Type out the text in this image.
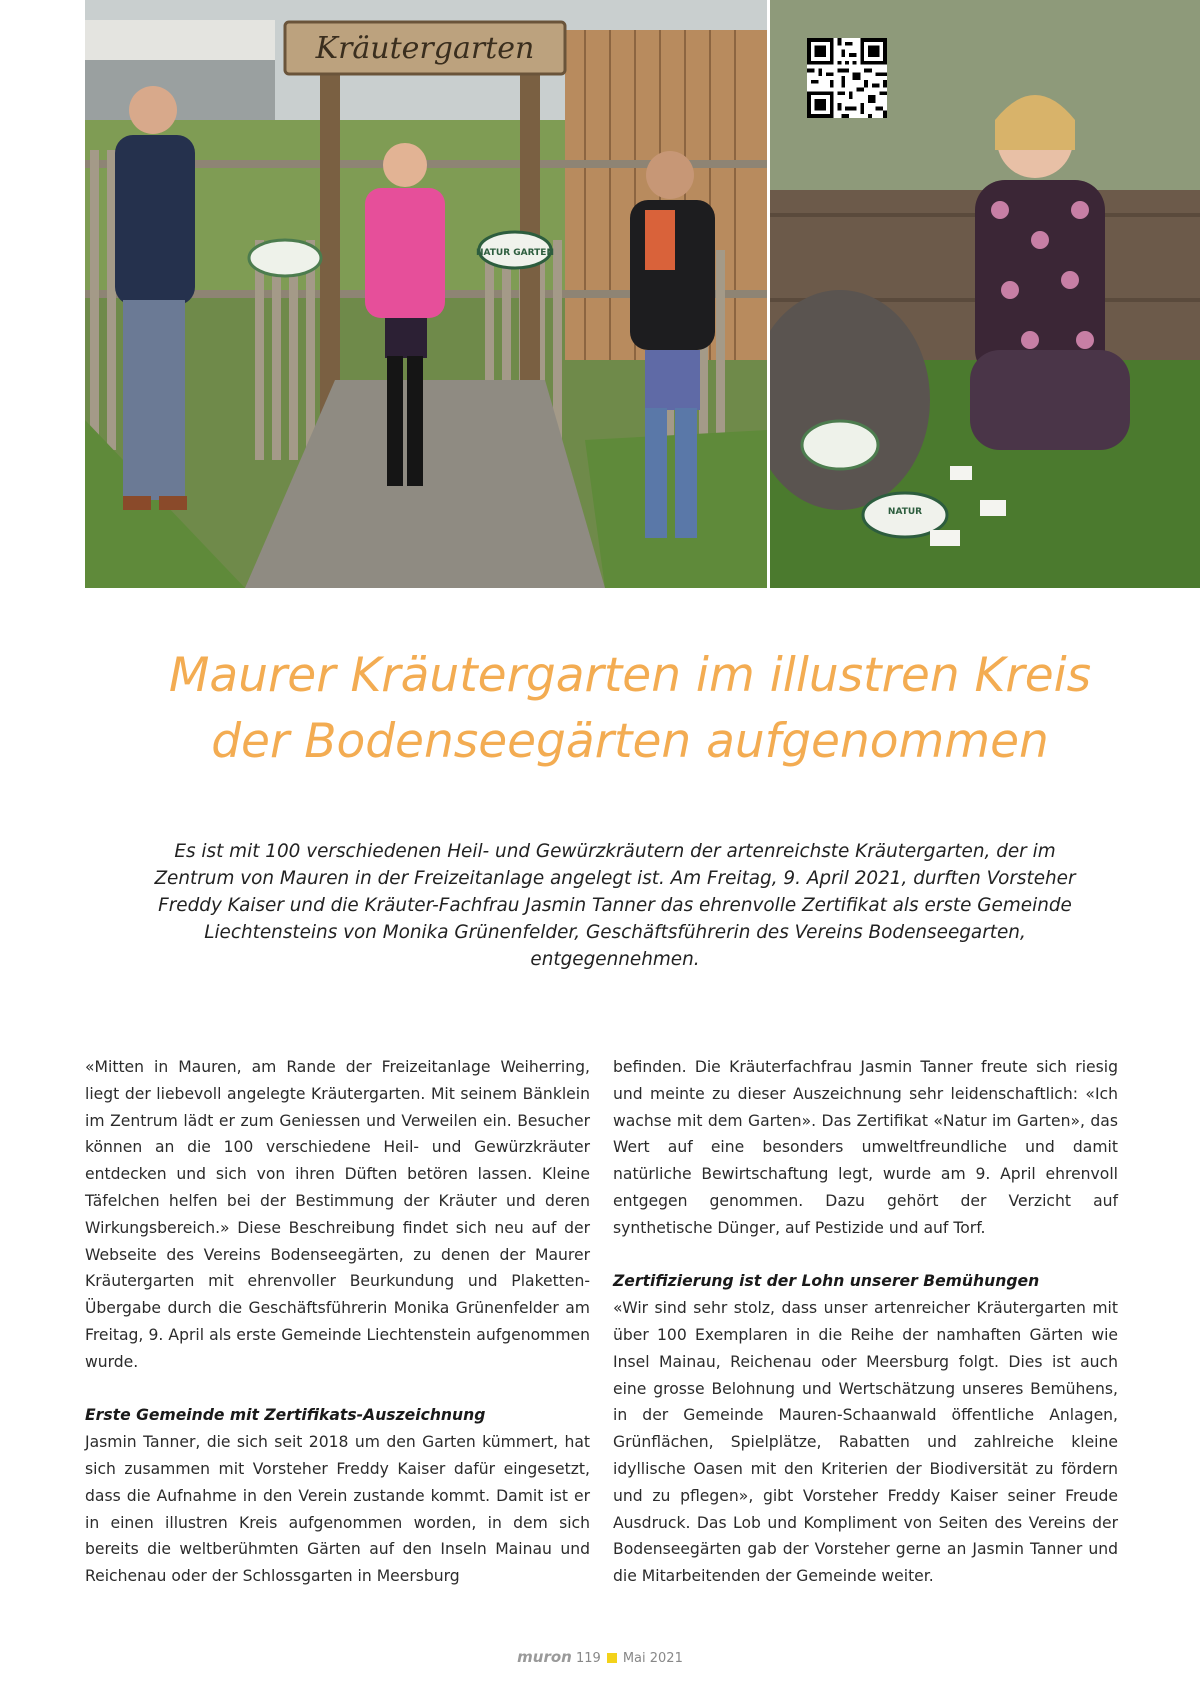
Kräutergarten
NATUR GARTEN
NATUR
Maurer Kräutergarten im illustren Kreis
der Bodenseegärten aufgenommen

Es ist mit 100 verschiedenen Heil- und Gewürzkräutern der artenreichste Kräutergarten, der im Zentrum von Mauren in der Freizeitanlage angelegt ist. Am Freitag, 9. April 2021, durften Vorsteher Freddy Kaiser und die Kräuter-Fachfrau Jasmin Tanner das ehrenvolle Zertifikat als erste Gemeinde Liechtensteins von Monika Grünenfelder, Geschäftsführerin des Vereins Bodenseegarten, entgegennehmen.

«Mitten in Mauren, am Rande der Freizeitanlage Weiherring, liegt der liebevoll angelegte Kräutergarten. Mit seinem Bänklein im Zentrum lädt er zum Geniessen und Verweilen ein. Besucher können an die 100 verschiedene Heil- und Gewürzkräuter entdecken und sich von ihren Düften betören lassen. Kleine Täfelchen helfen bei der Bestimmung der Kräuter und deren Wirkungsbereich.» Diese Beschreibung findet sich neu auf der Webseite des Vereins Bodenseegärten, zu denen der Maurer Kräutergarten mit ehrenvoller Beurkundung und Plaketten-Übergabe durch die Geschäftsführerin Monika Grünenfelder am Freitag, 9. April als erste Gemeinde Liechtenstein aufgenommen wurde.

Erste Gemeinde mit Zertifikats-Auszeichnung

Jasmin Tanner, die sich seit 2018 um den Garten kümmert, hat sich zusammen mit Vorsteher Freddy Kaiser dafür eingesetzt, dass die Aufnahme in den Verein zustande kommt. Damit ist er in einen illustren Kreis aufgenommen worden, in dem sich bereits die weltberühmten Gärten auf den Inseln Mainau und Reichenau oder der Schlossgarten in Meersburg

befinden. Die Kräuterfachfrau Jasmin Tanner freute sich riesig und meinte zu dieser Auszeichnung sehr leidenschaftlich: «Ich wachse mit dem Garten». Das Zertifikat «Natur im Garten», das Wert auf eine besonders umweltfreundliche und damit natürliche Bewirtschaftung legt, wurde am 9. April ehrenvoll entgegen genommen. Dazu gehört der Verzicht auf synthetische Dünger, auf Pestizide und auf Torf.

Zertifizierung ist der Lohn unserer Bemühungen

«Wir sind sehr stolz, dass unser artenreicher Kräutergarten mit über 100 Exemplaren in die Reihe der namhaften Gärten wie Insel Mainau, Reichenau oder Meersburg folgt. Dies ist auch eine grosse Belohnung und Wertschätzung unseres Bemühens, in der Gemeinde Mauren-Schaanwald öffentliche Anlagen, Grünflächen, Spielplätze, Rabatten und zahlreiche kleine idyllische Oasen mit den Kriterien der Biodiversität zu fördern und zu pflegen», gibt Vorsteher Freddy Kaiser seiner Freude Ausdruck. Das Lob und Kompliment von Seiten des Vereins der Bodenseegärten gab der Vorsteher gerne an Jasmin Tanner und die Mitarbeitenden der Gemeinde weiter.

muron 119 Mai 2021
